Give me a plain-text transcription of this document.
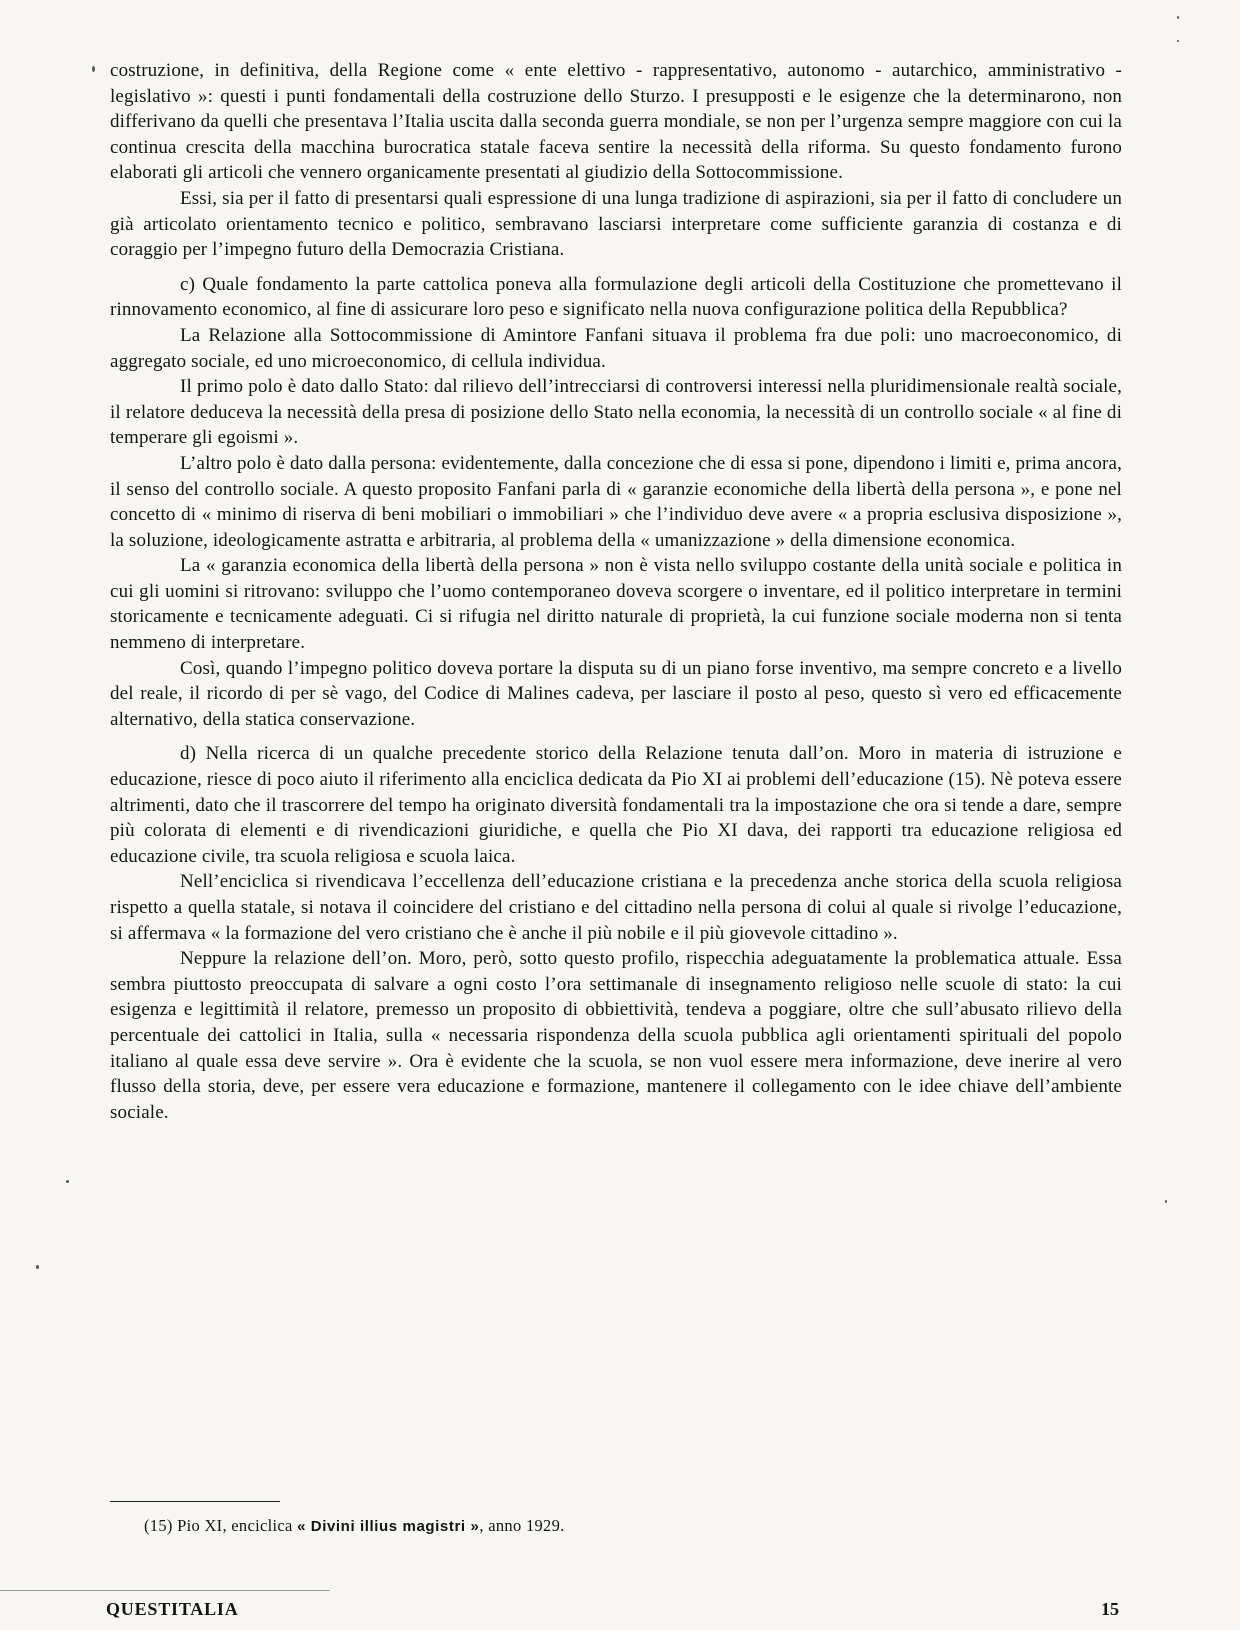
costruzione, in definitiva, della Regione come « ente elettivo - rappresentativo, autonomo - autarchico, amministrativo - legislativo »: questi i punti fondamentali della costruzione dello Sturzo. I presupposti e le esigenze che la determinarono, non differivano da quelli che presentava l’Italia uscita dalla seconda guerra mondiale, se non per l’urgenza sempre maggiore con cui la continua crescita della macchina burocratica statale faceva sentire la necessità della riforma. Su questo fondamento furono elaborati gli articoli che vennero organicamente presentati al giudizio della Sottocommissione.

Essi, sia per il fatto di presentarsi quali espressione di una lunga tradizione di aspirazioni, sia per il fatto di concludere un già articolato orientamento tecnico e politico, sembravano lasciarsi interpretare come sufficiente garanzia di costanza e di coraggio per l’impegno futuro della Democrazia Cristiana.

c) Quale fondamento la parte cattolica poneva alla formulazione degli articoli della Costituzione che promettevano il rinnovamento economico, al fine di assicurare loro peso e significato nella nuova configurazione politica della Repubblica?

La Relazione alla Sottocommissione di Amintore Fanfani situava il problema fra due poli: uno macroeconomico, di aggregato sociale, ed uno microeconomico, di cellula individua.

Il primo polo è dato dallo Stato: dal rilievo dell’intrecciarsi di controversi interessi nella pluridimensionale realtà sociale, il relatore deduceva la necessità della presa di posizione dello Stato nella economia, la necessità di un controllo sociale « al fine di temperare gli egoismi ».

L’altro polo è dato dalla persona: evidentemente, dalla concezione che di essa si pone, dipendono i limiti e, prima ancora, il senso del controllo sociale. A questo proposito Fanfani parla di « garanzie economiche della libertà della persona », e pone nel concetto di « minimo di riserva di beni mobiliari o immobiliari » che l’individuo deve avere « a propria esclusiva disposizione », la soluzione, ideologicamente astratta e arbitraria, al problema della « umanizzazione » della dimensione economica.

La « garanzia economica della libertà della persona » non è vista nello sviluppo costante della unità sociale e politica in cui gli uomini si ritrovano: sviluppo che l’uomo contemporaneo doveva scorgere o inventare, ed il politico interpretare in termini storicamente e tecnicamente adeguati. Ci si rifugia nel diritto naturale di proprietà, la cui funzione sociale moderna non si tenta nemmeno di interpretare.

Così, quando l’impegno politico doveva portare la disputa su di un piano forse inventivo, ma sempre concreto e a livello del reale, il ricordo di per sè vago, del Codice di Malines cadeva, per lasciare il posto al peso, questo sì vero ed efficacemente alternativo, della statica conservazione.

d) Nella ricerca di un qualche precedente storico della Relazione tenuta dall’on. Moro in materia di istruzione e educazione, riesce di poco aiuto il riferimento alla enciclica dedicata da Pio XI ai problemi dell’educazione (15). Nè poteva essere altrimenti, dato che il trascorrere del tempo ha originato diversità fondamentali tra la impostazione che ora si tende a dare, sempre più colorata di elementi e di rivendicazioni giuridiche, e quella che Pio XI dava, dei rapporti tra educazione religiosa ed educazione civile, tra scuola religiosa e scuola laica.

Nell’enciclica si rivendicava l’eccellenza dell’educazione cristiana e la precedenza anche storica della scuola religiosa rispetto a quella statale, si notava il coincidere del cristiano e del cittadino nella persona di colui al quale si rivolge l’educazione, si affermava « la formazione del vero cristiano che è anche il più nobile e il più giovevole cittadino ».

Neppure la relazione dell’on. Moro, però, sotto questo profilo, rispecchia adeguatamente la problematica attuale. Essa sembra piuttosto preoccupata di salvare a ogni costo l’ora settimanale di insegnamento religioso nelle scuole di stato: la cui esigenza e legittimità il relatore, premesso un proposito di obbiettività, tendeva a poggiare, oltre che sull’abusato rilievo della percentuale dei cattolici in Italia, sulla « necessaria rispondenza della scuola pubblica agli orientamenti spirituali del popolo italiano al quale essa deve servire ». Ora è evidente che la scuola, se non vuol essere mera informazione, deve inerire al vero flusso della storia, deve, per essere vera educazione e formazione, mantenere il collegamento con le idee chiave dell’ambiente sociale.

(15) Pio XI, enciclica « Divini illius magistri », anno 1929.
QUESTITALIA	15
